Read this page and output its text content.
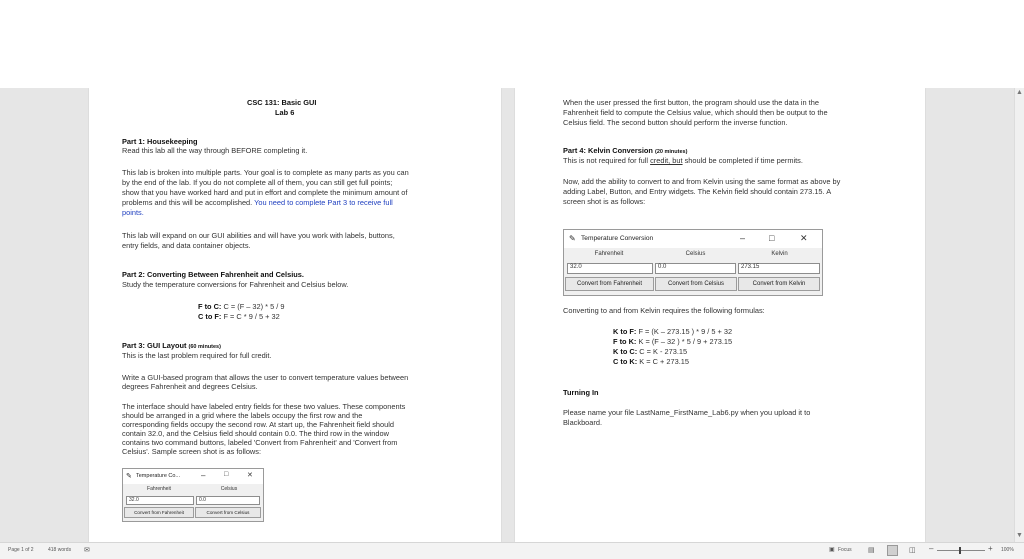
CSC 131: Basic GUI
Lab 6
Part 1: Housekeeping
Read this lab all the way through BEFORE completing it.
This lab is broken into multiple parts. Your goal is to complete as many parts as you can
by the end of the lab. If you do not complete all of them, you can still get full points;
show that you have worked hard and put in effort and complete the minimum amount of
problems and this will be accomplished. You need to complete Part 3 to receive full
points.
This lab will expand on our GUI abilities and will have you work with labels, buttons,
entry fields, and data container objects.
Part 2: Converting Between Fahrenheit and Celsius.
Study the temperature conversions for Fahrenheit and Celsius below.
F to C: C = (F – 32) * 5 / 9
C to F: F = C * 9 / 5 + 32
Part 3: GUI Layout (60 minutes)
This is the last problem required for full credit.
Write a GUI-based program that allows the user to convert temperature values between
degrees Fahrenheit and degrees Celsius.
The interface should have labeled entry fields for these two values. These components
should be arranged in a grid where the labels occupy the first row and the
corresponding fields occupy the second row. At start up, the Fahrenheit field should
contain 32.0, and the Celsius field should contain 0.0. The third row in the window
contains two command buttons, labeled 'Convert from Fahrenheit' and 'Convert from
Celsius'. Sample screen shot is as follows:
✎ Temperature Co...	–	□	✕
Fahrenheit	Celsius
32.0	0.0
Convert from Fahrenheit	Convert from Celsius
When the user pressed the first button, the program should use the data in the
Fahrenheit field to compute the Celsius value, which should then be output to the
Celsius field. The second button should perform the inverse function.
Part 4: Kelvin Conversion (20 minutes)
This is not required for full credit, but should be completed if time permits.
Now, add the ability to convert to and from Kelvin using the same format as above by
adding Label, Button, and Entry widgets. The Kelvin field should contain 273.15. A
screen shot is as follows:
✎ Temperature Conversion	–	□	✕
Fahrenheit	Celsius	Kelvin
32.0	0.0	273.15
Convert from Fahrenheit	Convert from Celsius	Convert from Kelvin
Converting to and from Kelvin requires the following formulas:
K to F: F = (K – 273.15 ) * 9 / 5 + 32
F to K: K = (F – 32 ) * 5 / 9 + 273.15
K to C: C = K - 273.15
C to K: K = C + 273.15
Turning In
Please name your file LastName_FirstName_Lab6.py when you upload it to
Blackboard.
▲
▼
Page 1 of 2	418 words ✉	▣ Focus ▤	◫ –	+ 100%
